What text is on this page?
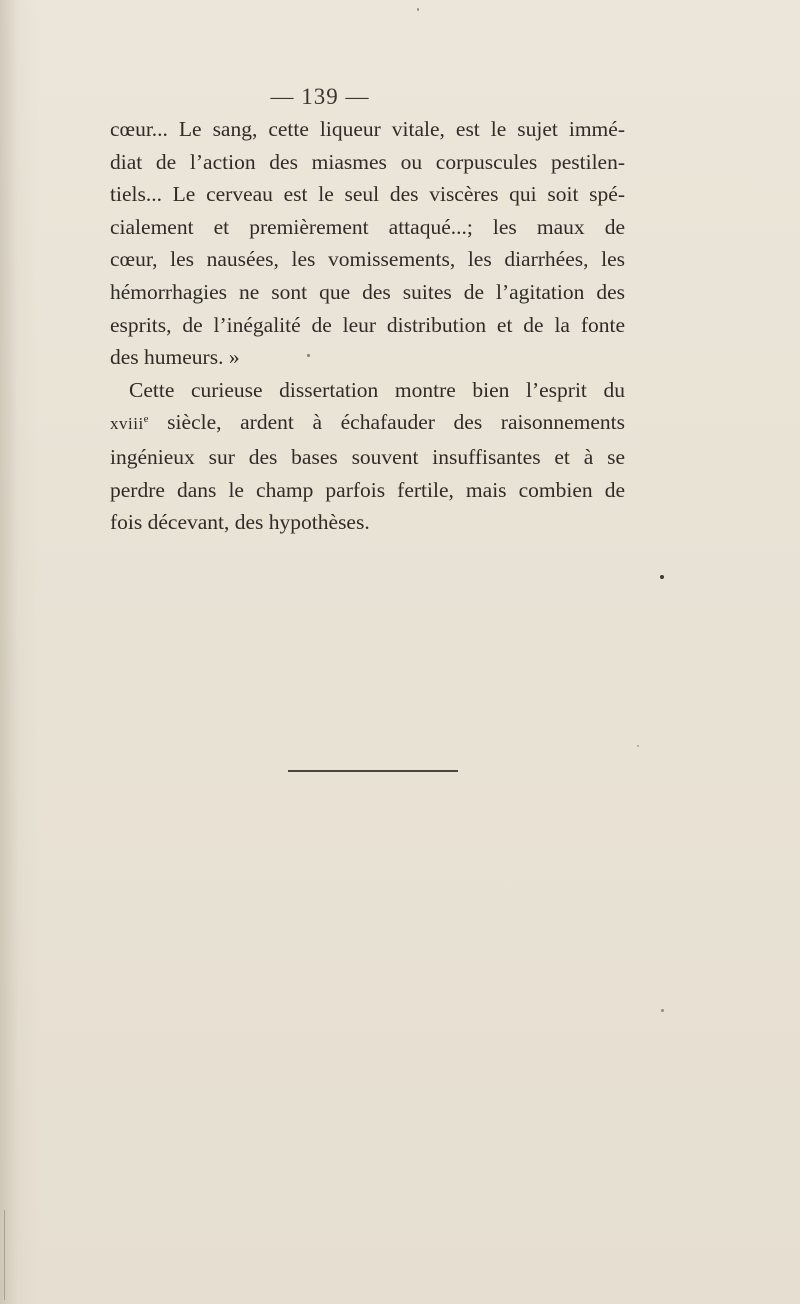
— 139 —
cœur... Le sang, cette liqueur vitale, est le sujet immé-
diat de l’action des miasmes ou corpuscules pestilen-
tiels... Le cerveau est le seul des viscères qui soit spé-
cialement et premièrement attaqué...; les maux de
cœur, les nausées, les vomissements, les diarrhées, les
hémorrhagies ne sont que des suites de l’agitation des
esprits, de l’inégalité de leur distribution et de la fonte
des humeurs. »
Cette curieuse dissertation montre bien l’esprit du
xviii$^e$ siècle, ardent à échafauder des raisonnements
ingénieux sur des bases souvent insuffisantes et à se
perdre dans le champ parfois fertile, mais combien de
fois décevant, des hypothèses.
